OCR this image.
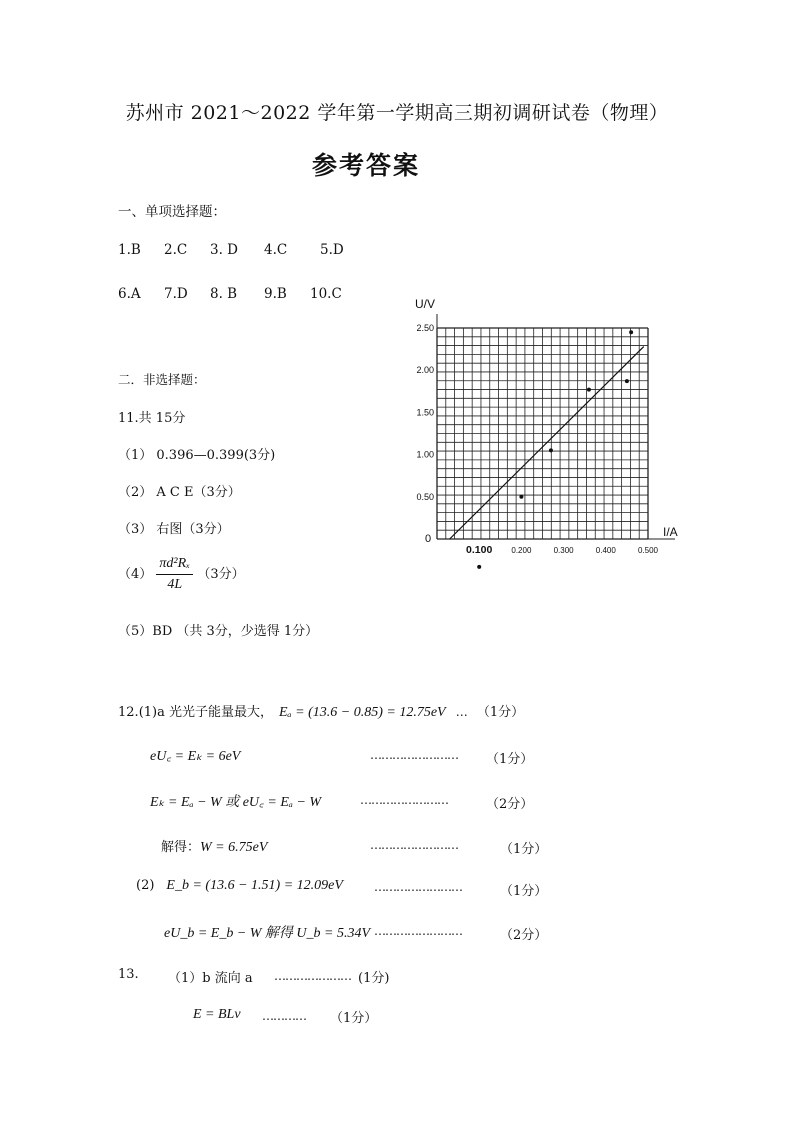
苏州市 2021～2022 学年第一学期高三期初调研试卷（物理）
参考答案
一、单项选择题：
1.B 2.C 3. D 4.C 5.D
6.A 7.D 8. B 9.B 10.C
二．非选择题：
11.共 15分
（1） 0.396—0.399(3分)
（2） A C E（3分）
（3） 右图（3分）
$(4) \frac{\text{πd²Rₓ}}{4L} (3$分）
（5）BD （共 3分，少选得 1分）
0.100 0.200	0.300	0.400	0.500
0.50
1.00
1.50
2.00
2.50
U/V
I/A
0
12.(1)a 光光子能量最大， Eₐ = (13.6 − 0.85) = 12.75eV … （1分）
eU꜀ = Eₖ = 6eV	…………………… （1分）
Eₖ = Eₐ − W 或 eU꜀ = Eₐ − W	……………………	（2分）
解得：W = 6.75eV	……………………	（1分）
(2) E_b = (13.6 − 1.51) = 12.09eV	……………………	（1分）
eU_b = E_b − W 解得 U_b = 5.34V ……………………	（2分）
13. （1）b 流向 a ………………… (1分)
E = BLv ………… （1分）
